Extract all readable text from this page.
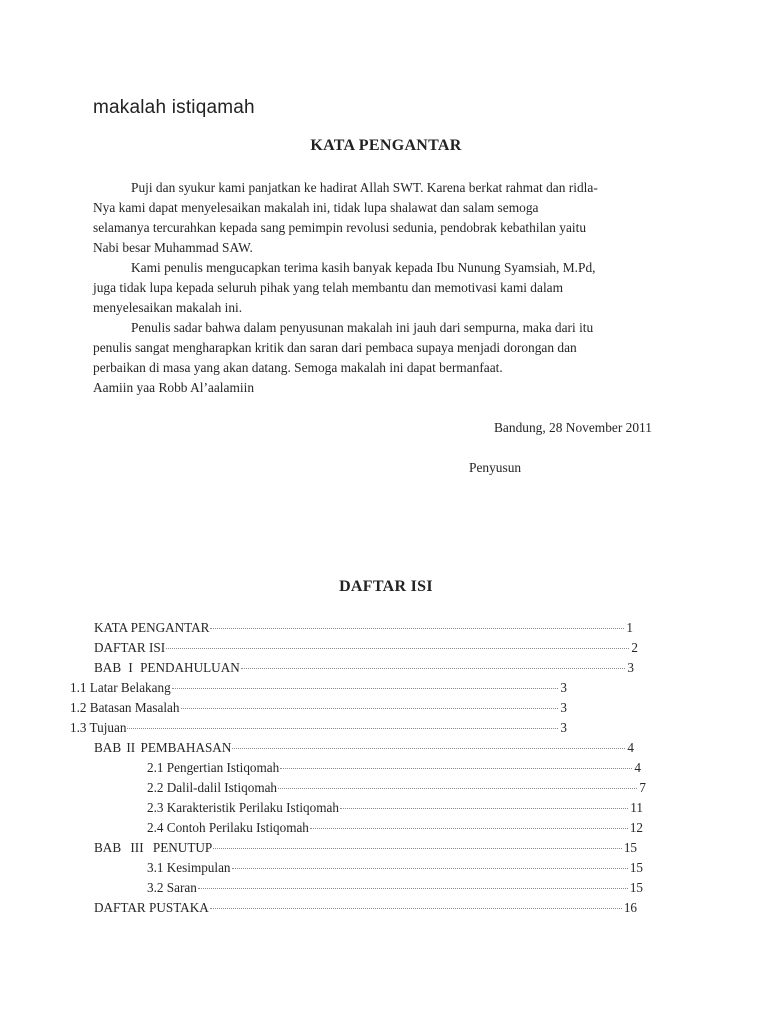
makalah istiqamah
KATA PENGANTAR
Puji dan syukur kami panjatkan ke hadirat Allah SWT. Karena berkat rahmat dan ridla-
Nya kami dapat menyelesaikan makalah ini, tidak lupa shalawat dan salam semoga
selamanya tercurahkan kepada sang pemimpin revolusi sedunia, pendobrak kebathilan yaitu
Nabi besar Muhammad SAW.
Kami penulis mengucapkan terima kasih banyak kepada Ibu Nunung Syamsiah, M.Pd,
juga tidak lupa kepada seluruh pihak yang telah membantu dan memotivasi kami dalam
menyelesaikan makalah ini.
Penulis sadar bahwa dalam penyusunan makalah ini jauh dari sempurna, maka dari itu
penulis sangat mengharapkan kritik dan saran dari pembaca supaya menjadi dorongan dan
perbaikan di masa yang akan datang. Semoga makalah ini dapat bermanfaat.
Aamiin yaa Robb Al’aalamiin
Bandung, 28 November 2011
Penyusun
DAFTAR ISI
KATA PENGANTAR	1
DAFTAR ISI	2
BAB I PENDAHULUAN	3
1.1 Latar Belakang	3
1.2 Batasan Masalah	3
1.3 Tujuan	3
BAB II PEMBAHASAN	4
2.1 Pengertian Istiqomah	4
2.2 Dalil-dalil Istiqomah	7
2.3 Karakteristik Perilaku Istiqomah	11
2.4 Contoh Perilaku Istiqomah	12
BAB III PENUTUP	15
3.1 Kesimpulan	15
3.2 Saran	15
DAFTAR PUSTAKA	16
